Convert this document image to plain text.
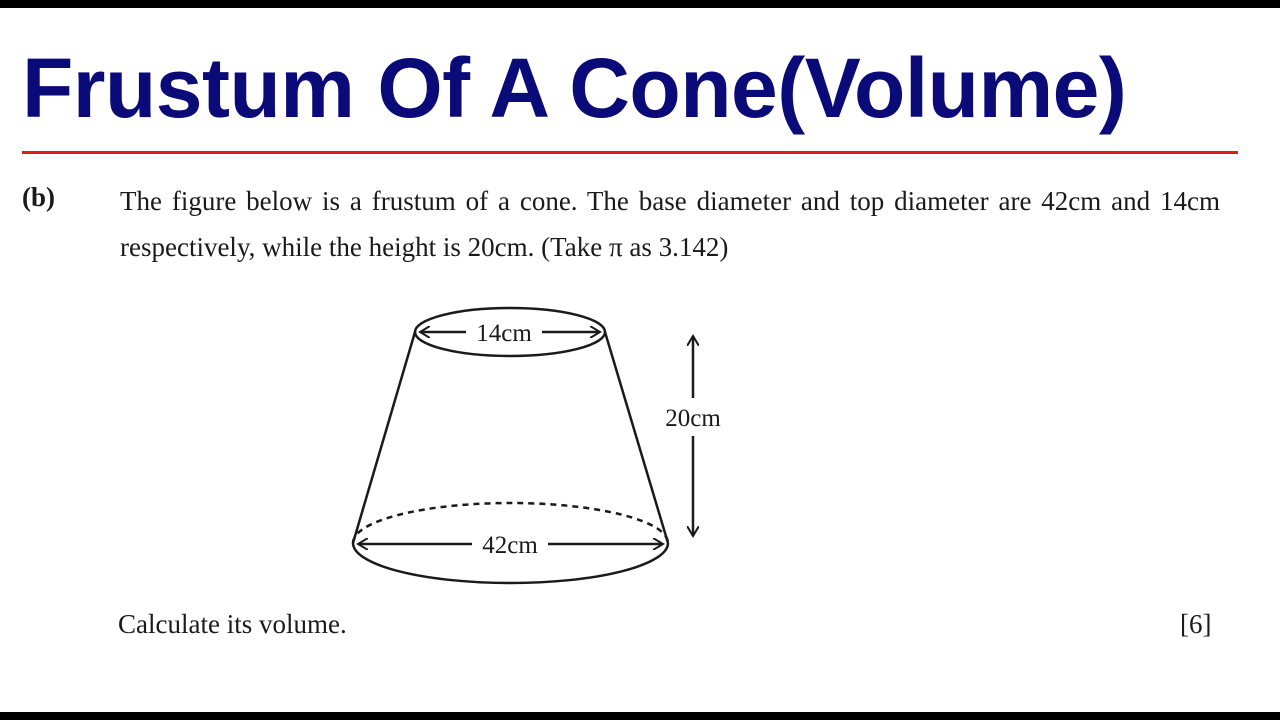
Frustum Of A Cone(Volume)
(b) The figure below is a frustum of a cone. The base diameter and top diameter are 42cm and 14cm respectively, while the height is 20cm. (Take π as 3.142)
14cm
42cm
20cm
Calculate its volume.	[6]
